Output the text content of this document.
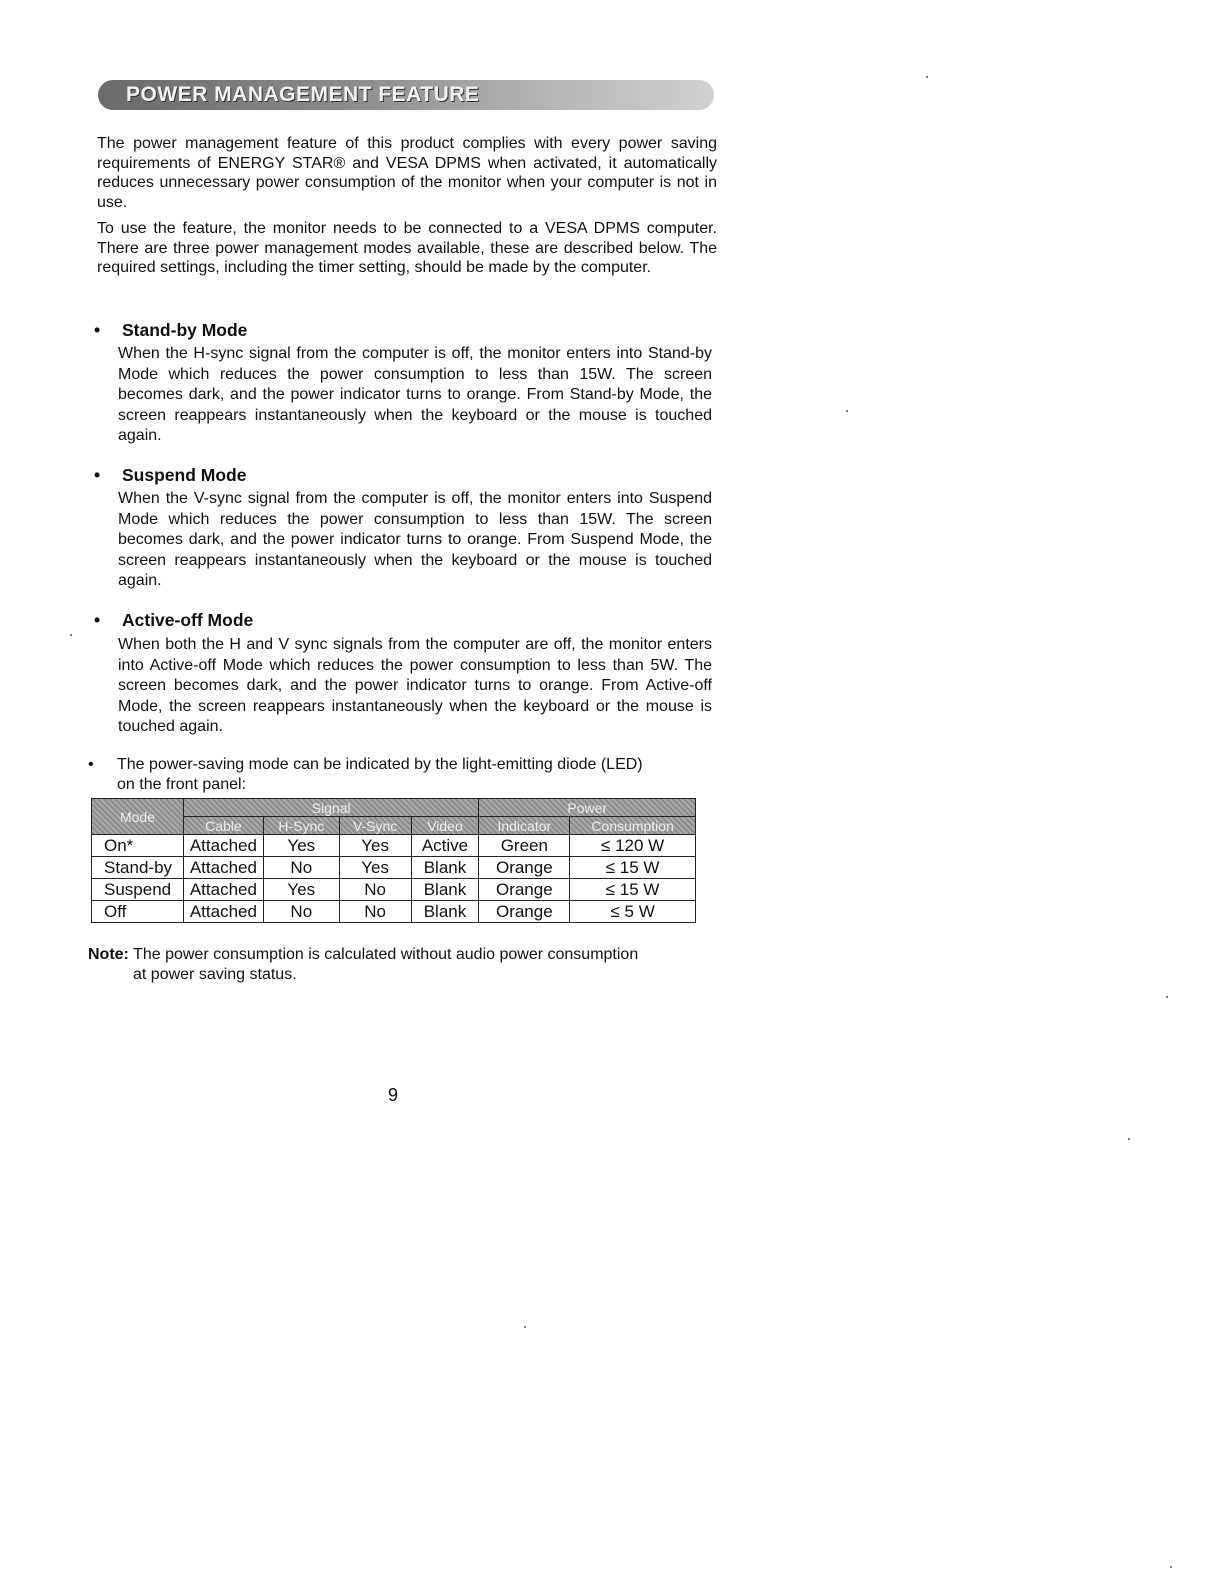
POWER MANAGEMENT FEATURE

The power management feature of this product complies with every power saving requirements of ENERGY STAR® and VESA DPMS when activated, it automatically reduces unnecessary power consumption of the monitor when your computer is not in use.

To use the feature, the monitor needs to be connected to a VESA DPMS computer. There are three power management modes available, these are described below. The required settings, including the timer setting, should be made by the computer.

• Stand-by Mode

When the H-sync signal from the computer is off, the monitor enters into Stand-by Mode which reduces the power consumption to less than 15W. The screen becomes dark, and the power indicator turns to orange. From Stand-by Mode, the screen reappears instantaneously when the keyboard or the mouse is touched again.

• Suspend Mode

When the V-sync signal from the computer is off, the monitor enters into Suspend Mode which reduces the power consumption to less than 15W. The screen becomes dark, and the power indicator turns to orange. From Suspend Mode, the screen reappears instantaneously when the keyboard or the mouse is touched again.

• Active-off Mode

When both the H and V sync signals from the computer are off, the monitor enters into Active-off Mode which reduces the power consumption to less than 5W. The screen becomes dark, and the power indicator turns to orange. From Active-off Mode, the screen reappears instantaneously when the keyboard or the mouse is touched again.

• The power-saving mode can be indicated by the light-emitting diode (LED)
on the front panel:

Mode	Signal				Power	
	Cable	H-Sync	V-Sync	Video	Indicator	Consumption
On*	Attached	Yes	Yes	Active	Green	≤ 120 W
Stand-by	Attached	No	Yes	Blank	Orange	≤ 15 W
Suspend	Attached	Yes	No	Blank	Orange	≤ 15 W
Off	Attached	No	No	Blank	Orange	≤ 5 W

Note: The power consumption is calculated without audio power consumption
at power saving status.

9
